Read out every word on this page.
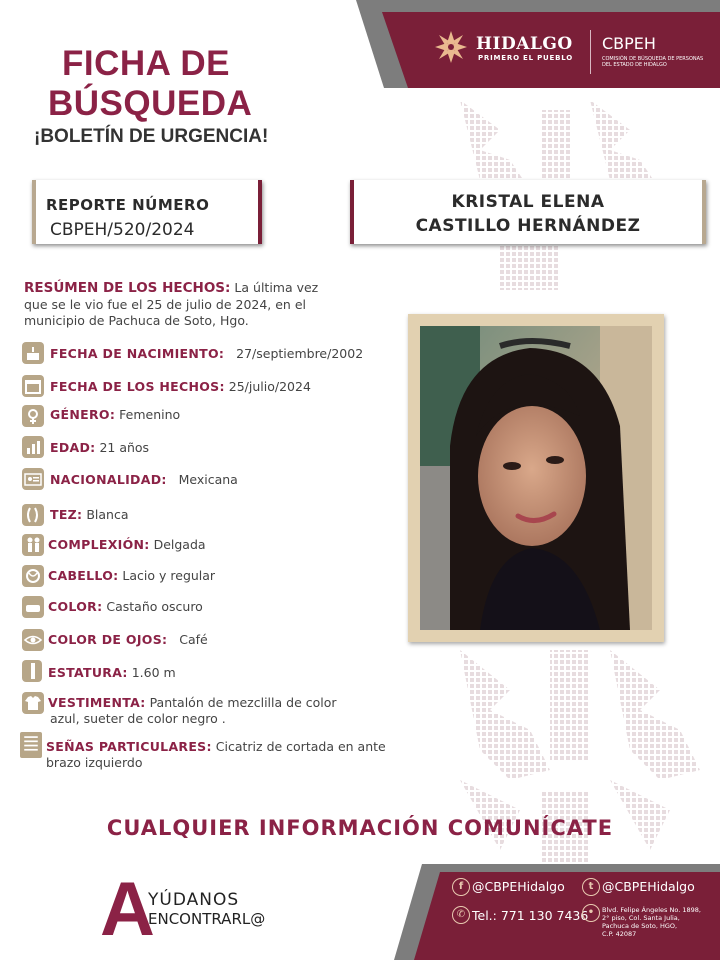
HIDALGO
PRIMERO EL PUEBLO
CBPEH
COMISIÓN DE BÚSQUEDA DE PERSONAS DEL ESTADO DE HIDALGO
FICHA DE
BÚSQUEDA
¡BOLETÍN DE URGENCIA!
REPORTE NÚMERO
CBPEH/520/2024
KRISTAL ELENA
CASTILLO HERNÁNDEZ
RESÚMEN DE LOS HECHOS: La última vez
que se le vio fue el 25 de julio de 2024, en el
municipio de Pachuca de Soto, Hgo.
FECHA DE NACIMIENTO: 27/septiembre/2002
FECHA DE LOS HECHOS: 25/julio/2024
GÉNERO: Femenino
EDAD: 21 años
NACIONALIDAD: Mexicana
TEZ: Blanca
COMPLEXIÓN: Delgada
CABELLO: Lacio y regular
COLOR: Castaño oscuro
COLOR DE OJOS: Café
ESTATURA: 1.60 m
VESTIMENTA: Pantalón de mezclilla de color
azul, sueter de color negro .
SEÑAS PARTICULARES: Cicatriz de cortada en ante
brazo izquierdo
CUALQUIER INFORMACIÓN COMUNÍCATE
A
YÚDANOS
ENCONTRARL@
f @CBPEHidalgo	t @CBPEHidalgo
✆ Tel.: 771 130 7436 •	Blvd. Felipe Ángeles No. 1898,
2° piso, Col. Santa Julia,
Pachuca de Soto, HGO,
C.P. 42087
